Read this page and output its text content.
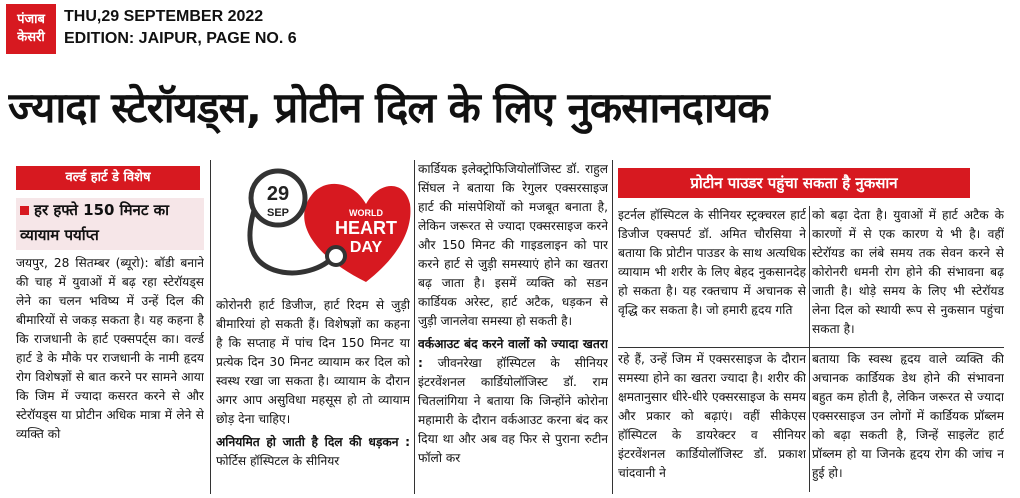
पंजाब
केसरी
THU,29 SEPTEMBER 2022
EDITION: JAIPUR, PAGE NO. 6
ज्यादा स्टेरॉयड्स, प्रोटीन दिल के लिए नुकसानदायक
वर्ल्ड हार्ट डे विशेष
हर हफ्ते 150 मिनट का व्यायाम पर्याप्त

जयपुर, 28 सितम्बर (ब्यूरो): बॉडी बनाने की चाह में युवाओं में बढ़ रहा स्टेरॉयड्स लेने का चलन भविष्य में उन्हें दिल की बीमारियों से जकड़ सकता है। यह कहना है कि राजधानी के हार्ट एक्सपर्ट्स का। वर्ल्ड हार्ट डे के मौके पर राजधानी के नामी हृदय रोग विशेषज्ञों से बात करने पर सामने आया कि जिम में ज्यादा कसरत करने से और स्टेरॉयड्स या प्रोटीन अधिक मात्रा में लेने से व्यक्ति को

29
SEP	WORLD
HEART
DAY

कोरोनरी हार्ट डिजीज, हार्ट रिदम से जुड़ी बीमारियां हो सकती हैं। विशेषज्ञों का कहना है कि सप्ताह में पांच दिन 150 मिनट या प्रत्येक दिन 30 मिनट व्यायाम कर दिल को स्वस्थ रखा जा सकता है। व्यायाम के दौरान अगर आप असुविधा महसूस हो तो व्यायाम छोड़ देना चाहिए।

अनियमित हो जाती है दिल की धड़कन : फोर्टिस हॉस्पिटल के सीनियर

कार्डियक इलेक्ट्रोफिजियोलॉजिस्ट डॉ. राहुल सिंघल ने बताया कि रेगुलर एक्सरसाइज हार्ट की मांसपेशियों को मजबूत बनाता है, लेकिन जरूरत से ज्यादा एक्सरसाइज करने और 150 मिनट की गाइडलाइन को पार करने हार्ट से जुड़ी समस्याएं होने का खतरा बढ़ जाता है। इसमें व्यक्ति को सडन कार्डियक अरेस्ट, हार्ट अटैक, धड़कन से जुड़ी जानलेवा समस्या हो सकती है।

वर्कआउट बंद करने वालों को ज्यादा खतरा : जीवनरेखा हॉस्पिटल के सीनियर इंटरवेंशनल कार्डियोलॉजिस्ट डॉ. राम चितलांगिया ने बताया कि जिन्होंने कोरोना महामारी के दौरान वर्कआउट करना बंद कर दिया था और अब वह फिर से पुराना रुटीन फॉलो कर

प्रोटीन पाउडर पहुंचा सकता है नुकसान

इटर्नल हॉस्पिटल के सीनियर स्ट्रक्चरल हार्ट डिजीज एक्सपर्ट डॉ. अमित चौरसिया ने बताया कि प्रोटीन पाउडर के साथ अत्यधिक व्यायाम भी शरीर के लिए बेहद नुकसानदेह हो सकता है। यह रक्तचाप में अचानक से वृद्धि कर सकता है। जो हमारी हृदय गति

को बढ़ा देता है। युवाओं में हार्ट अटैक के कारणों में से एक कारण ये भी है। वहीं स्टेरॉयड का लंबे समय तक सेवन करने से कोरोनरी धमनी रोग होने की संभावना बढ़ जाती है। थोड़े समय के लिए भी स्टेरॉयड लेना दिल को स्थायी रूप से नुकसान पहुंचा सकता है।

रहे हैं, उन्हें जिम में एक्सरसाइज के दौरान समस्या होने का खतरा ज्यादा है। शरीर की क्षमतानुसार धीरे-धीरे एक्सरसाइज के समय और प्रकार को बढ़ाएं। वहीं सीकेएस हॉस्पिटल के डायरेक्टर व सीनियर इंटरवेंशनल कार्डियोलॉजिस्ट डॉ. प्रकाश चांदवानी ने

बताया कि स्वस्थ हृदय वाले व्यक्ति की अचानक कार्डियक डेथ होने की संभावना बहुत कम होती है, लेकिन जरूरत से ज्यादा एक्सरसाइज उन लोगों में कार्डियक प्रॉब्लम को बढ़ा सकती है, जिन्हें साइलेंट हार्ट प्रॉब्लम हो या जिनके हृदय रोग की जांच न हुई हो।
